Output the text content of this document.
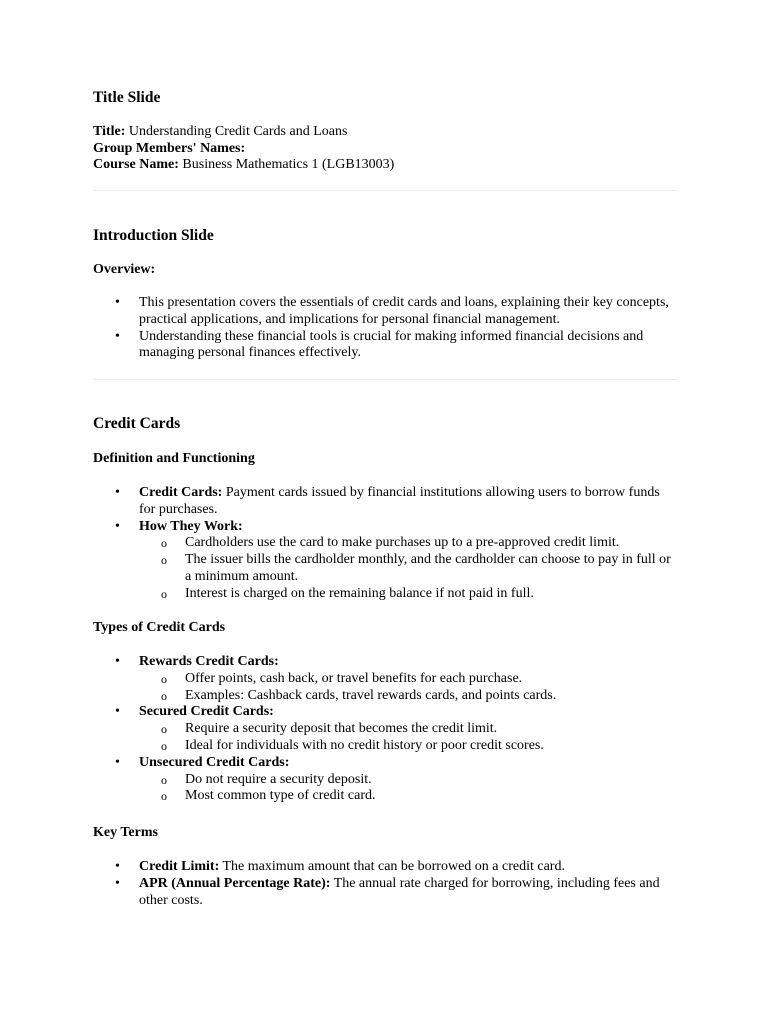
Title Slide

Title: Understanding Credit Cards and Loans

Group Members' Names:

Course Name: Business Mathematics 1 (LGB13003)

Introduction Slide

Overview:

• This presentation covers the essentials of credit cards and loans, explaining their key concepts, practical applications, and implications for personal financial management.
• Understanding these financial tools is crucial for making informed financial decisions and managing personal finances effectively.

Credit Cards

Definition and Functioning

• Credit Cards: Payment cards issued by financial institutions allowing users to borrow funds for purchases.
• How They Work:
o Cardholders use the card to make purchases up to a pre-approved credit limit.
o The issuer bills the cardholder monthly, and the cardholder can choose to pay in full or a minimum amount.
o Interest is charged on the remaining balance if not paid in full.

Types of Credit Cards

• Rewards Credit Cards:
o Offer points, cash back, or travel benefits for each purchase.
o Examples: Cashback cards, travel rewards cards, and points cards.
• Secured Credit Cards:
o Require a security deposit that becomes the credit limit.
o Ideal for individuals with no credit history or poor credit scores.
• Unsecured Credit Cards:
o Do not require a security deposit.
o Most common type of credit card.

Key Terms

• Credit Limit: The maximum amount that can be borrowed on a credit card.
• APR (Annual Percentage Rate): The annual rate charged for borrowing, including fees and other costs.
